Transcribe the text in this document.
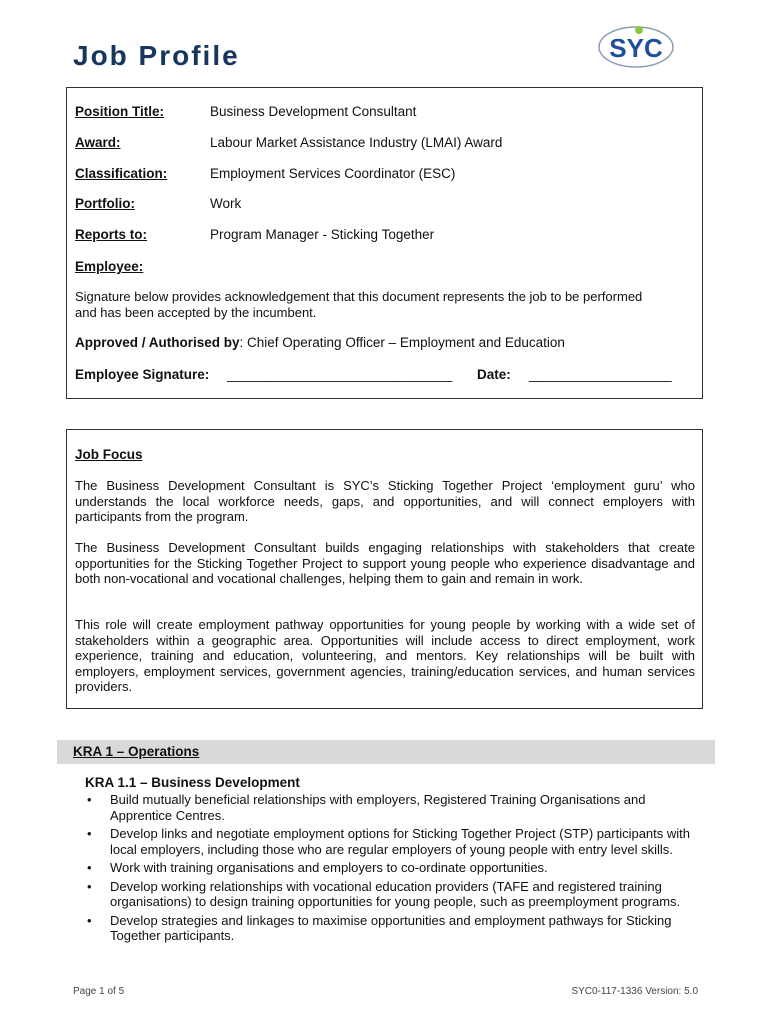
Job Profile	SYC
Position Title:	Business Development Consultant
Award:	Labour Market Assistance Industry (LMAI) Award
Classification:	Employment Services Coordinator (ESC)
Portfolio:	Work
Reports to:	Program Manager - Sticking Together
Employee:
Signature below provides acknowledgement that this document represents the job to be performed
and has been accepted by the incumbent.
Approved / Authorised by: Chief Operating Officer – Employment and Education
Employee Signature: ______________________________ Date: ___________________
Job Focus

The Business Development Consultant is SYC’s Sticking Together Project ‘employment guru’ who understands the local workforce needs, gaps, and opportunities, and will connect employers with participants from the program.

The Business Development Consultant builds engaging relationships with stakeholders that create opportunities for the Sticking Together Project to support young people who experience disadvantage and both non-vocational and vocational challenges, helping them to gain and remain in work.

This role will create employment pathway opportunities for young people by working with a wide set of stakeholders within a geographic area. Opportunities will include access to direct employment, work experience, training and education, volunteering, and mentors. Key relationships will be built with employers, employment services, government agencies, training/education services, and human services providers.

KRA 1 – Operations
KRA 1.1 – Business Development
• Build mutually beneficial relationships with employers, Registered Training Organisations and Apprentice Centres.
• Develop links and negotiate employment options for Sticking Together Project (STP) participants with local employers, including those who are regular employers of young people with entry level skills.
• Work with training organisations and employers to co-ordinate opportunities.
• Develop working relationships with vocational education providers (TAFE and registered training organisations) to design training opportunities for young people, such as preemployment programs.
• Develop strategies and linkages to maximise opportunities and employment pathways for Sticking Together participants.
Page 1 of 5	SYC0-117-1336 Version: 5.0
